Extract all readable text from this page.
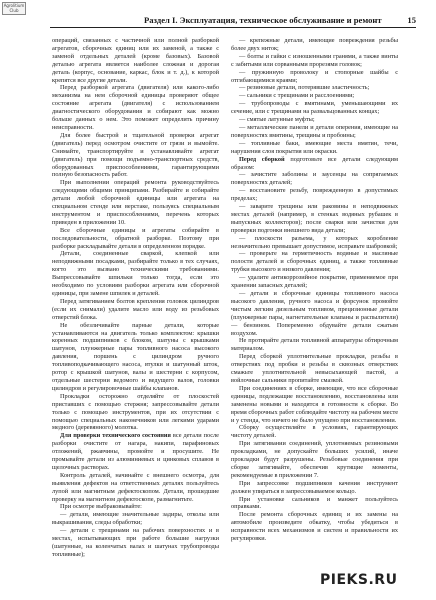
Agrolitium Club
Раздел I. Эксплуатация, техническое обслуживание и ремонт	15

операций, связанных с частичной или полной разборкой агрегатов, сборочных единиц или их заменой, а также с заменой отдельных деталей (кроме базовых). Базовой деталью агрегата является наиболее сложная и дорогая деталь (корпус, основание, каркас, блок и т. д.), к которой крепятся все другие детали.

Перед разборкой агрегата (двигателя) или какого-либо механизма на нем сборочной единицы проверяют общее состояние агрегата (двигателя) с использованием диагностического оборудования и собирают как можно больше данных о нем. Это поможет определить причину неисправности.

Для более быстрой и тщательной проверки агрегат (двигатель) перед осмотром очистите от грязи и вымойте. Снимайте, транспортируйте и устанавливайте агрегат (двигатель) при помощи подъемно-транспортных средств, оборудованных приспособлениями, гарантирующими полную безопасность работ.

При выполнении операций ремонта руководствуйтесь следующими общими принципами. Разбирайте и собирайте детали любой сборочной единицы или агрегата на специальном стенде или верстаке, пользуясь специальным инструментом и приспособлениями, перечень которых приведен в приложении 10.

Все сборочные единицы и агрегаты собирайте в последовательности, обратной разборке. Поэтому при разборке раскладывайте детали в определенном порядке.

Детали, соединенные сваркой, клепкой или неподвижными посадками, разбирайте только в тех случаях, когто это вызвано техническими требованиями. Выпрессовывайте шпильки только тогда, если это необходимо по условиям разборки агрегата или сборочной единицы, при замене шпилек и деталей.

Перед затягиванием болтов крепления головок цилиндров (если их снимали) удалите масло или воду из резьбовых отверстий блока.

Не обезличивайте парные детали, которые устанавливаются на двигатель только комплектом: крышки коренных подшипников с блоком, шатуны с крышками шатунов, плунжерные пары топливного насоса высокого давления, поршень с цилиндром ручного топливоподкачивающего насоса, втулки и шатунный шток, ротор с крышкой шатунов, валы и шестерни с корпусом, отдельные шестерни ведомого и ведущего валов, головки цилиндров и регулировочные шайбы клапанов.

Прокладки осторожно отделяйте от плоскостей приставших с помощью стержня; запрессовывайте детали только с помощью инструментов, при их отсутствии с помощью специальных наконечников или легкими ударами медного (деревянного) молотка.

Для проверки технического состояния все детали после разборки очистите от нагара, накипи, парафиновых отложений, ржавчины, промойте и просушите. Не промывайте детали из алюминиевых и цинковых сплавов в щелочных растворах.

Контроль деталей, начинайте с внешнего осмотра, для выявления дефектов на ответственных деталях пользуйтесь лупой или магнитным дефектоскопом. Детали, прошедшие проверку на магнитном дефектоскопе, размагнитьте.

При осмотре выбраковывайте:

— детали, имеющие значительные задиры, отколы или выкрашивания, следы обработки;

— детали с трещинами на рабочих поверхностях и в местах, испытывающих при работе большие нагрузки (шатунные, на коленчатых валах и шатунах трубопроводы топливные);

— крепежные детали, имеющие повреждения резьбы более двух ниток;

— болты и гайки с изношенными гранями, а также винты с забитыми или сорванными прорезями головок;

— пружинную проволоку и стопорные шайбы с отгибающимися краями;

— резиновые детали, потерявшие эластичность;

— сальники с трещинами и расслоениями;

— трубопроводы с вмятинами, уменьшающими их сечение, или с трещинами на развальцованных концах;

— смятые латунные муфты;

— металлические панели и детали оперения, имеющие на поверхностях вмятины, трещины и пробоины;

— топливные баки, имеющие места вмятин, течи, нарушения слоя покрытия или окраски.

Перед сборкой подготовьте все детали следующим образом:

— зачистите заболины и заусенцы на сопрягаемых поверхностях деталей;

— восстановите резьбу, поврежденную в допустимых пределах;

— заварите трещины или раковины в неподвижных местах деталей (например, в стенках водяных рубашек в выпускных коллекторов); после сварки или зачистки для проверки подгонки внешнего вида детали;

— плоскости разъема, у которых коробление незначительно превышает допустимое, исправьте шабровкой;

— проверьте на герметичность водяные и масляные полости деталей и сборочных единиц, а также топливные трубки высокого и низкого давления;

— удалите антикоррозийное покрытие, применяемое при хранении запасных деталей;

— детали и сборочные единицы топливного насоса высокого давления, ручного насоса и форсунок промойте чистым легким дизельным топливом, прецизионные детали (плунжерные пары, нагнетательные клапаны и распылители) — бензином. Попеременно обдувайте детали сжатым воздухом.

Не протирайте детали топливной аппаратуры обтирочным материалом.

Перед сборкой уплотнительные прокладки, резьбы в отверстиях под пробки и резьбы в сквозных отверстиях смажьте уплотнительной невысыхающей пастой, а войлочные сальники пропитайте смазкой.

При соединениях в сборке, имеющие, что все сборочные единицы, подлежащие восстановлению, восстановлены или заменены новыми и находятся в готовности к сборке. Во время сборочных работ соблюдайте чистоту на рабочем месте и у стенда, что ничего не было упущено при восстановлении.

Сборку осуществляйте в условиях, гарантирующих чистоту деталей.

При затягивании соединений, уплотняемых резиновыми прокладками, не допускайте больших усилий, иначе прокладки будут разрушены. Резьбовые соединения при сборке затягивайте, обеспечив крутящие моменты, рекомендуемые в приложении 7.

При запрессовке подшипников качения инструмент должен упираться в запрессовываемое кольцо.

При установке сальников и манжет пользуйтесь оправками.

После ремонта сборочных единиц и их замены на автомобиле произведите обкатку, чтобы убедиться в исправности всех механизмов и систем и правильности их регулировки.

PIEKS.RU
